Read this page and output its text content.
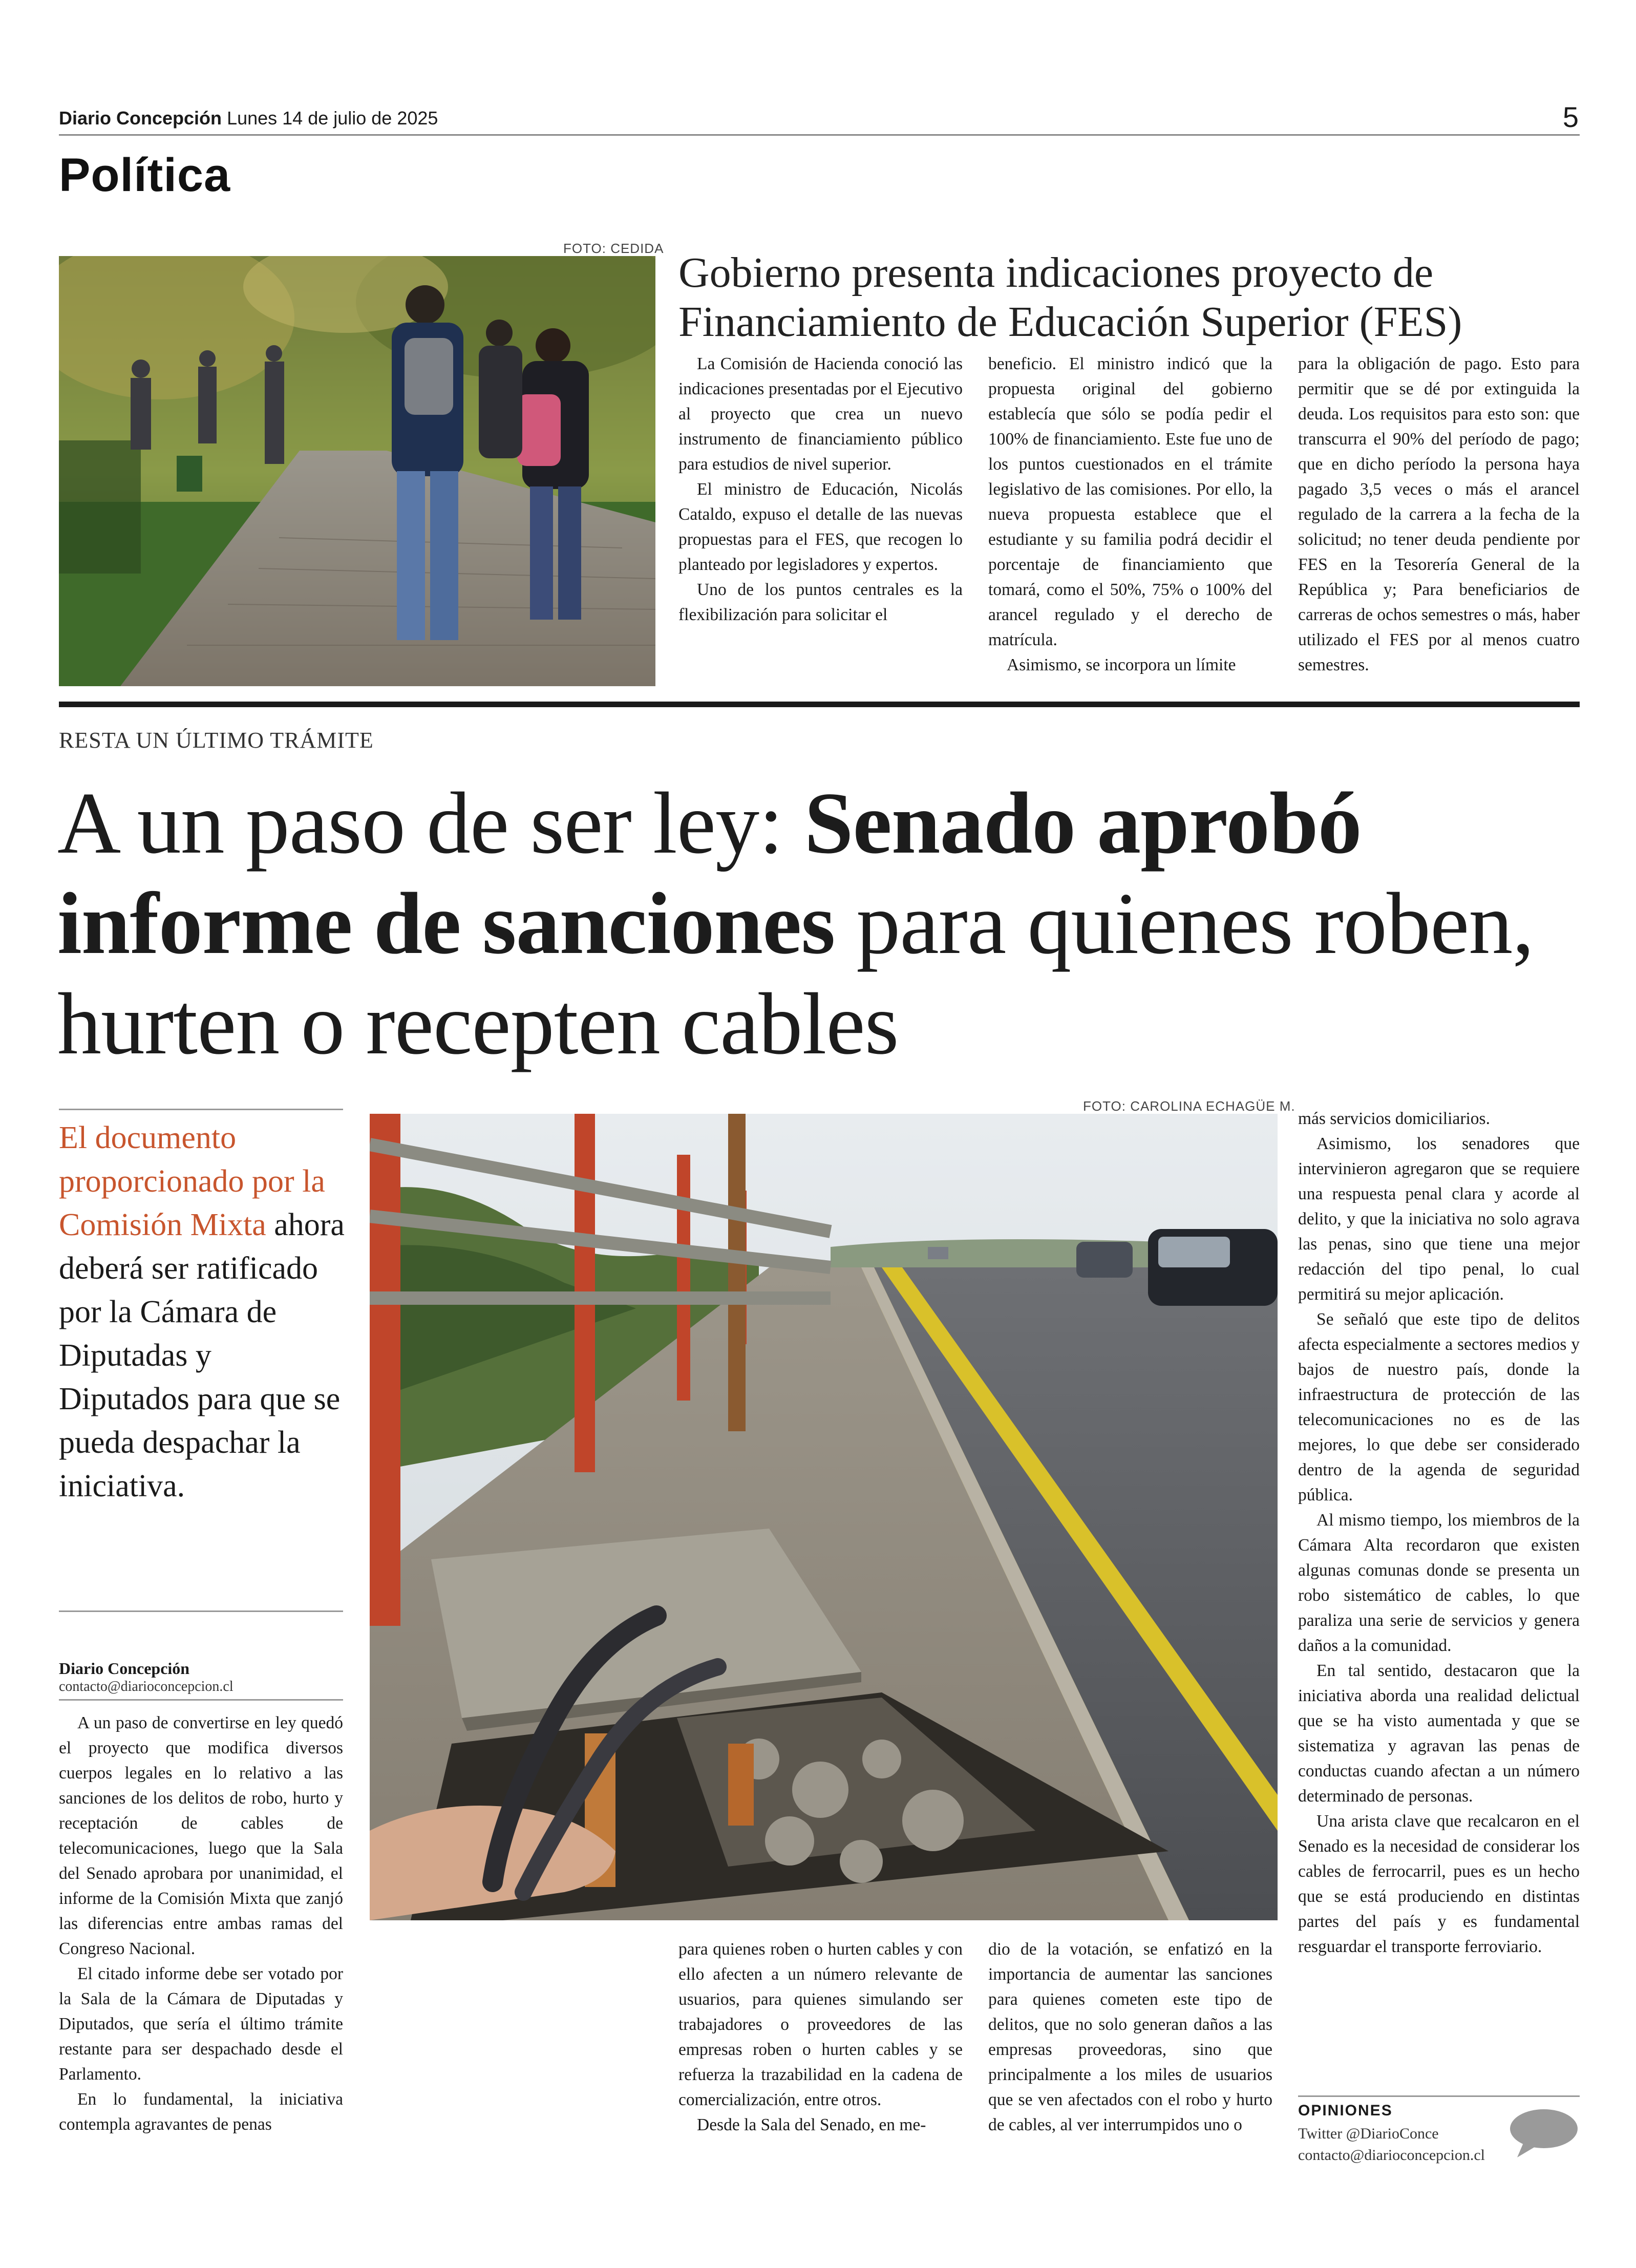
Diario Concepción Lunes 14 de julio de 2025	5
Política
FOTO: CEDIDA
Gobierno presenta indicaciones proyecto de Financiamiento de Educación Superior (FES)

La Comisión de Hacienda conoció las indicaciones presentadas por el Ejecutivo al proyecto que crea un nuevo instrumento de financiamiento público para estudios de nivel superior.

El ministro de Educación, Nicolás Cataldo, expuso el detalle de las nuevas propuestas para el FES, que recogen lo planteado por legisladores y expertos.

Uno de los puntos centrales es la flexibilización para solicitar el

beneficio. El ministro indicó que la propuesta original del gobierno establecía que sólo se podía pedir el 100% de financiamiento. Este fue uno de los puntos cuestionados en el trámite legislativo de las comisiones. Por ello, la nueva propuesta establece que el estudiante y su familia podrá decidir el porcentaje de financiamiento que tomará, como el 50%, 75% o 100% del arancel regulado y el derecho de matrícula.

Asimismo, se incorpora un límite

para la obligación de pago. Esto para permitir que se dé por extinguida la deuda. Los requisitos para esto son: que transcurra el 90% del período de pago; que en dicho período la persona haya pagado 3,5 veces o más el arancel regulado de la carrera a la fecha de la solicitud; no tener deuda pendiente por FES en la Tesorería General de la República y; Para beneficiarios de carreras de ochos semestres o más, haber utilizado el FES por al menos cuatro semestres.

RESTA UN ÚLTIMO TRÁMITE
A un paso de ser ley: Senado aprobó informe de sanciones para quienes roben, hurten o recepten cables
El documento proporcionado por la Comisión Mixta ahora deberá ser ratificado por la Cámara de Diputadas y Diputados para que se pueda despachar la iniciativa.
Diario Concepción
contacto@diarioconcepcion.cl
FOTO: CAROLINA ECHAGÜE M.

A un paso de convertirse en ley quedó el proyecto que modifica diversos cuerpos legales en lo relativo a las sanciones de los delitos de robo, hurto y receptación de cables de telecomunicaciones, luego que la Sala del Senado aprobara por unanimidad, el informe de la Comisión Mixta que zanjó las diferencias entre ambas ramas del Congreso Nacional.

El citado informe debe ser votado por la Sala de la Cámara de Diputadas y Diputados, que sería el último trámite restante para ser despachado desde el Parlamento.

En lo fundamental, la iniciativa contempla agravantes de penas

para quienes roben o hurten cables y con ello afecten a un número relevante de usuarios, para quienes simulando ser trabajadores o proveedores de las empresas roben o hurten cables y se refuerza la trazabilidad en la cadena de comercialización, entre otros.

Desde la Sala del Senado, en me-

dio de la votación, se enfatizó en la importancia de aumentar las sanciones para quienes cometen este tipo de delitos, que no solo generan daños a las empresas proveedoras, sino que principalmente a los miles de usuarios que se ven afectados con el robo y hurto de cables, al ver interrumpidos uno o

más servicios domiciliarios.

Asimismo, los senadores que intervinieron agregaron que se requiere una respuesta penal clara y acorde al delito, y que la iniciativa no solo agrava las penas, sino que tiene una mejor redacción del tipo penal, lo cual permitirá su mejor aplicación.

Se señaló que este tipo de delitos afecta especialmente a sectores medios y bajos de nuestro país, donde la infraestructura de protección de las telecomunicaciones no es de las mejores, lo que debe ser considerado dentro de la agenda de seguridad pública.

Al mismo tiempo, los miembros de la Cámara Alta recordaron que existen algunas comunas donde se presenta un robo sistemático de cables, lo que paraliza una serie de servicios y genera daños a la comunidad.

En tal sentido, destacaron que la iniciativa aborda una realidad delictual que se ha visto aumentada y que se sistematiza y agravan las penas de conductas cuando afectan a un número determinado de personas.

Una arista clave que recalcaron en el Senado es la necesidad de considerar los cables de ferrocarril, pues es un hecho que se está produciendo en distintas partes del país y es fundamental resguardar el transporte ferroviario.

OPINIONES
Twitter @DiarioConce
contacto@diarioconcepcion.cl
